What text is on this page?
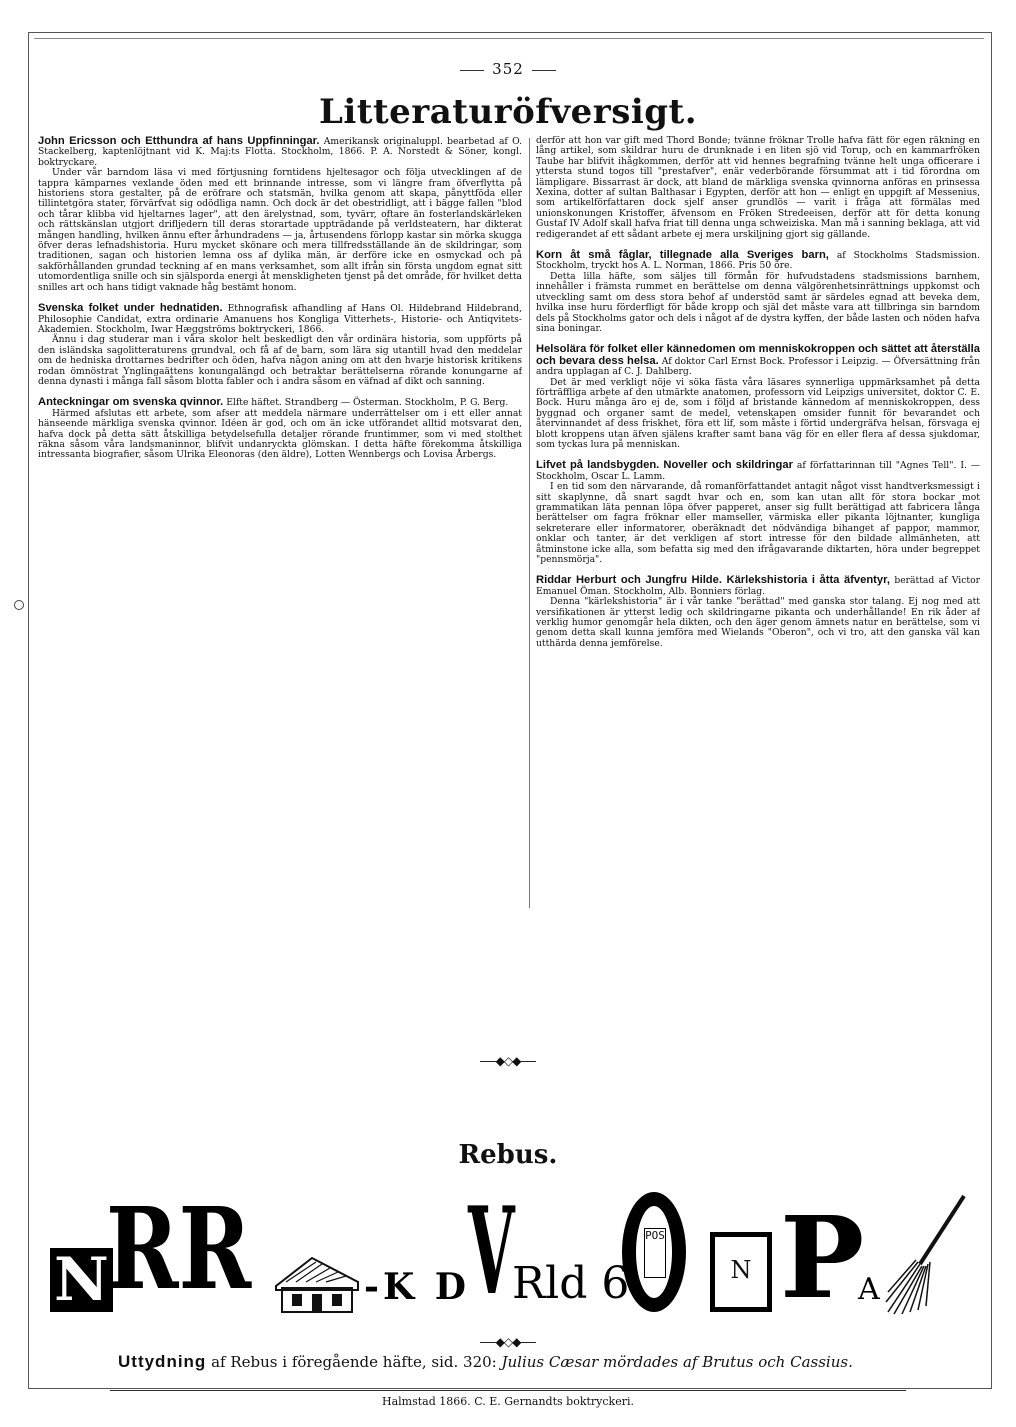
352
Litteraturöfversigt.

John Ericsson och Etthundra af hans Uppfinningar. Amerikansk originaluppl. bearbetad af O. Stackelberg, kaptenlöjtnant vid K. Maj:ts Flotta. Stockholm, 1866. P. A. Norstedt & Söner, kongl. boktryckare.

Under vår barndom läsa vi med förtjusning forntidens hjeltesagor och följa utvecklingen af de tappra kämparnes vexlande öden med ett brinnande intresse, som vi längre fram öfverflytta på historiens stora gestalter, på de eröfrare och statsmän, hvilka genom att skapa, pånyttföda eller tillintetgöra stater, förvärfvat sig odödliga namn. Och dock är det obestridligt, att i bägge fallen "blod och tårar klibba vid hjeltarnes lager", att den ärelystnad, som, tyvärr, oftare än fosterlandskärleken och rättskänslan utgjort drifljedern till deras storartade uppträdande på verldsteatern, har dikterat mången handling, hvilken ännu efter århundradens — ja, årtusendens förlopp kastar sin mörka skugga öfver deras lefnadshistoria. Huru mycket skönare och mera tillfredsställande än de skildringar, som traditionen, sagan och historien lemna oss af dylika män, är derföre icke en osmyckad och på sakförhållanden grundad teckning af en mans verksamhet, som allt ifrån sin första ungdom egnat sitt utomordentliga snille och sin själsporda energi åt menskligheten tjenst på det område, för hvilket detta snilles art och hans tidigt vaknade håg bestämt honom.

Svenska folket under hednatiden. Ethnografisk afhandling af Hans Ol. Hildebrand Hildebrand, Philosophie Candidat, extra ordinarie Amanuens hos Kongliga Vitterhets-, Historie- och Antiqvitets-Akademien. Stockholm, Iwar Hæggströms boktryckeri, 1866.

Ännu i dag studerar man i våra skolor helt beskedligt den vår ordinära historia, som uppförts på den isländska sagolitteraturens grundval, och få af de barn, som lära sig utantill hvad den meddelar om de hedniska drottarnes bedrifter och öden, hafva någon aning om att den hvarje historisk kritikens rodan ömnöstrat Ynglingaättens konungalängd och betraktar berättelserna rörande konungarne af denna dynasti i många fall såsom blotta fabler och i andra såsom en väfnad af dikt och sanning.

Anteckningar om svenska qvinnor. Elfte häftet. Strandberg — Österman. Stockholm, P. G. Berg.

Härmed afslutas ett arbete, som afser att meddela närmare underrättelser om i ett eller annat hänseende märkliga svenska qvinnor. Idéen är god, och om än icke utförandet alltid motsvarat den, hafva dock på detta sätt åtskilliga betydelsefulla detaljer rörande fruntimmer, som vi med stolthet räkna såsom våra landsmaninnor, blifvit undanryckta glömskan. I detta häfte förekomma åtskilliga intressanta biografier, såsom Ulrika Eleonoras (den äldre), Lotten Wennbergs och Lovisa Årbergs.

derför att hon var gift med Thord Bonde; tvänne fröknar Trolle hafva fått för egen räkning en lång artikel, som skildrar huru de drunknade i en liten sjö vid Torup, och en kammarfröken Taube har blifvit ihågkommen, derför att vid hennes begrafning tvänne helt unga officerare i yttersta stund togos till "prestafver", enär vederbörande försummat att i tid förordna om lämpligare. Bissarrast är dock, att bland de märkliga svenska qvinnorna anföras en prinsessa Xexina, dotter af sultan Balthasar i Egypten, derför att hon — enligt en uppgift af Messenius, som artikelförfattaren dock sjelf anser grundlös — varit i fråga att förmälas med unionskonungen Kristoffer, äfvensom en Fröken Stredeeisen, derför att för detta konung Gustaf IV Adolf skall hafva friat till denna unga schweiziska. Man må i sanning beklaga, att vid redigerandet af ett sådant arbete ej mera urskiljning gjort sig gällande.

Korn åt små fåglar, tillegnade alla Sveriges barn, af Stockholms Stadsmission. Stockholm, tryckt hos A. L. Norman, 1866. Pris 50 öre.

Detta lilla häfte, som säljes till förmån för hufvudstadens stadsmissions barnhem, innehåller i främsta rummet en berättelse om denna välgörenhetsinrättnings uppkomst och utveckling samt om dess stora behof af understöd samt är särdeles egnad att beveka dem, hvilka inse huru förderfligt för både kropp och själ det måste vara att tillbringa sin barndom dels på Stockholms gator och dels i något af de dystra kyffen, der både lasten och nöden hafva sina boningar.

Helsolära för folket eller kännedomen om menniskokroppen och sättet att återställa och bevara dess helsa. Af doktor Carl Ernst Bock. Professor i Leipzig. — Öfversättning från andra upplagan af C. J. Dahlberg.

Det är med verkligt nöje vi söka fästa våra läsares synnerliga uppmärksamhet på detta förträffliga arbete af den utmärkte anatomen, professorn vid Leipzigs universitet, doktor C. E. Bock. Huru många äro ej de, som i följd af bristande kännedom af menniskokroppen, dess byggnad och organer samt de medel, vetenskapen omsider funnit för bevarandet och återvinnandet af dess friskhet, föra ett lif, som måste i förtid undergräfva helsan, försvaga ej blott kroppens utan äfven själens krafter samt bana väg för en eller flera af dessa sjukdomar, som tyckas lura på menniskan.

Lifvet på landsbygden. Noveller och skildringar af författarinnan till "Agnes Tell". I. — Stockholm, Oscar L. Lamm.

I en tid som den närvarande, då romanförfattandet antagit något visst handtverksmessigt i sitt skaplynne, då snart sagdt hvar och en, som kan utan allt för stora bockar mot grammatikan läta pennan löpa öfver papperet, anser sig fullt berättigad att fabricera långa berättelser om fagra fröknar eller mamseller, värmiska eller pikanta löjtnanter, kungliga sekreterare eller informatorer, oberäknadt det nödvändiga bihanget af pappor, mammor, onklar och tanter, är det verkligen af stort intresse för den bildade allmänheten, att åtminstone icke alla, som befatta sig med den ifrågavarande diktarten, höra under begreppet "pennsmörja".

Riddar Herburt och Jungfru Hilde. Kärlekshistoria i åtta äfventyr, berättad af Victor Emanuel Öman. Stockholm, Alb. Bonniers förlag.

Denna "kärlekshistoria" är i vår tanke "berättad" med ganska stor talang. Ej nog med att versifikationen är ytterst ledig och skildringarne pikanta och underhållande! En rik åder af verklig humor genomgår hela dikten, och den äger genom ämnets natur en berättelse, som vi genom detta skall kunna jemföra med Wielands "Oberon", och vi tro, att den ganska väl kan utthärda denna jemförelse.

◆◇◆
Rebus.
N
RR	-K D
V
Rld 6
POS
N P
A
◆◇◆
Uttydning af Rebus i föregående häfte, sid. 320: Julius Cæsar mördades af Brutus och Cassius.
Halmstad 1866. C. E. Gernandts boktryckeri.
